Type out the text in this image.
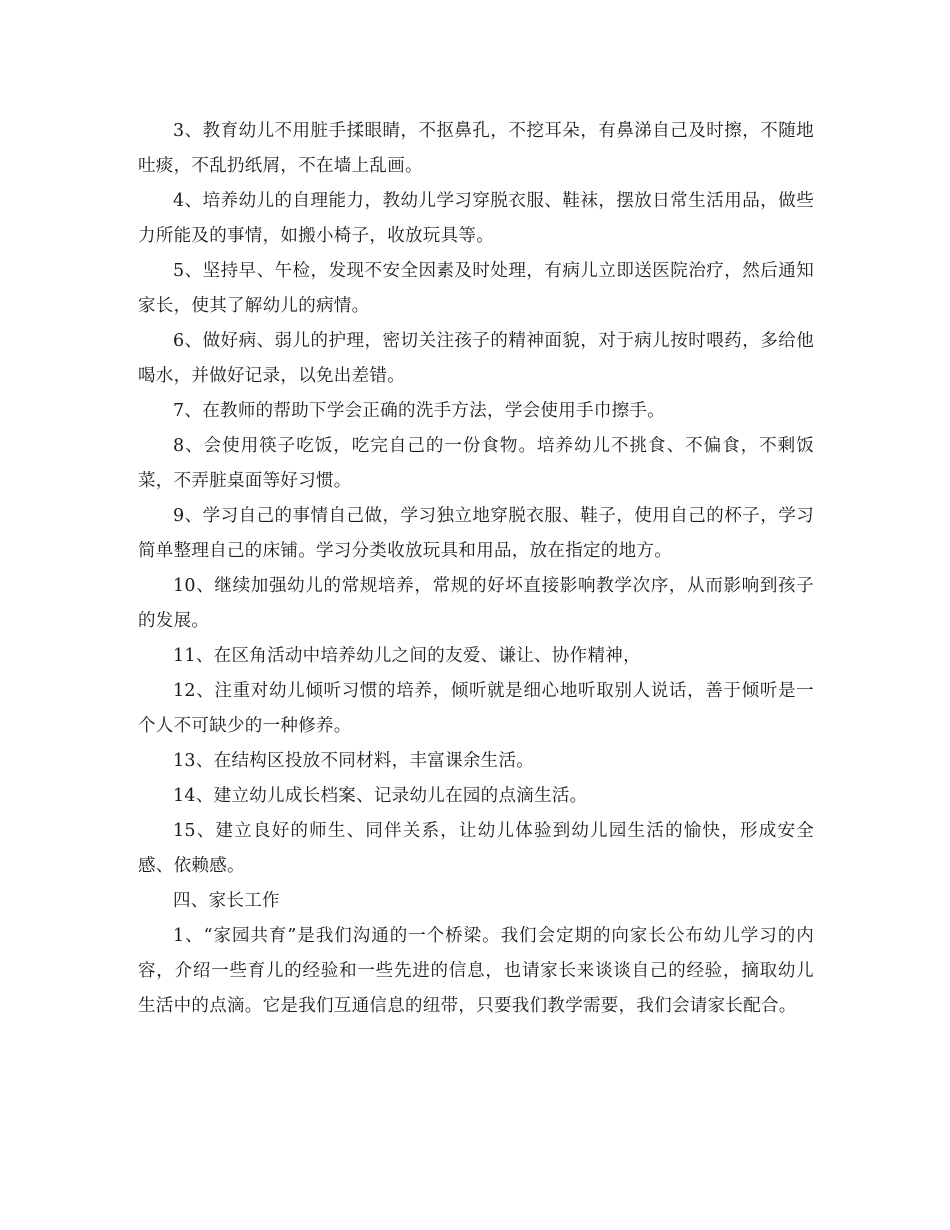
3、教育幼儿不用脏手揉眼睛，不抠鼻孔，不挖耳朵，有鼻涕自己及时擦，不随地吐痰，不乱扔纸屑，不在墙上乱画。

4、培养幼儿的自理能力，教幼儿学习穿脱衣服、鞋袜，摆放日常生活用品，做些力所能及的事情，如搬小椅子，收放玩具等。

5、坚持早、午检，发现不安全因素及时处理，有病儿立即送医院治疗，然后通知家长，使其了解幼儿的病情。

6、做好病、弱儿的护理，密切关注孩子的精神面貌，对于病儿按时喂药，多给他喝水，并做好记录，以免出差错。

7、在教师的帮助下学会正确的洗手方法，学会使用手巾擦手。

8、会使用筷子吃饭，吃完自己的一份食物。培养幼儿不挑食、不偏食，不剩饭菜，不弄脏桌面等好习惯。

9、学习自己的事情自己做，学习独立地穿脱衣服、鞋子，使用自己的杯子，学习简单整理自己的床铺。学习分类收放玩具和用品，放在指定的地方。

10、继续加强幼儿的常规培养，常规的好坏直接影响教学次序，从而影响到孩子的发展。

11、在区角活动中培养幼儿之间的友爱、谦让、协作精神，

12、注重对幼儿倾听习惯的培养，倾听就是细心地听取别人说话，善于倾听是一个人不可缺少的一种修养。

13、在结构区投放不同材料，丰富课余生活。

14、建立幼儿成长档案、记录幼儿在园的点滴生活。

15、建立良好的师生、同伴关系，让幼儿体验到幼儿园生活的愉快，形成安全感、依赖感。

四、家长工作

1、“家园共育”是我们沟通的一个桥梁。我们会定期的向家长公布幼儿学习的内容，介绍一些育儿的经验和一些先进的信息，也请家长来谈谈自己的经验，摘取幼儿生活中的点滴。它是我们互通信息的纽带，只要我们教学需要，我们会请家长配合。
